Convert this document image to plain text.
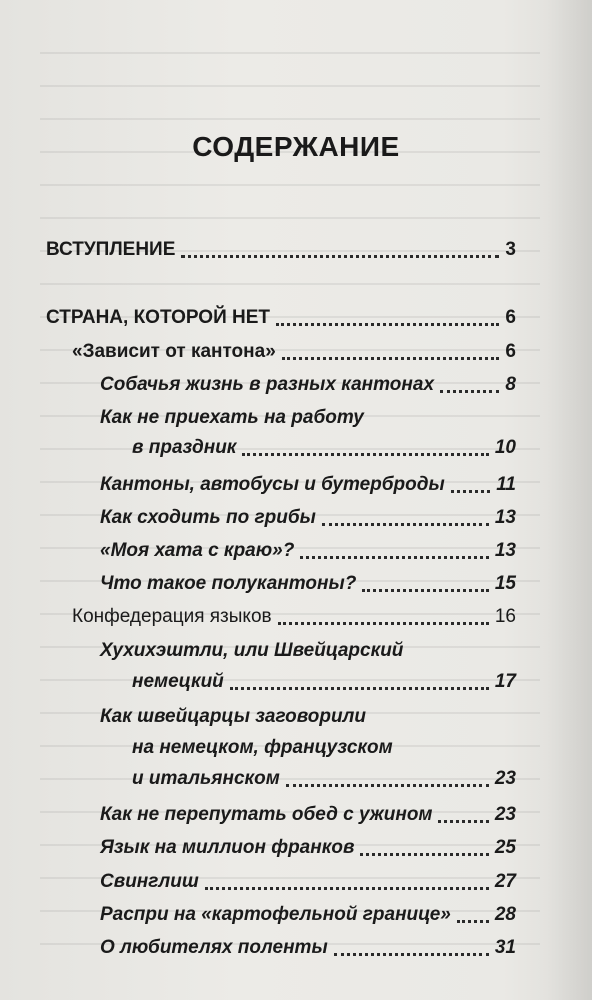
СОДЕРЖАНИЕ
ВСТУПЛЕНИЕ	3
СТРАНА, КОТОРОЙ НЕТ	6
«Зависит от кантона»	6
Собачья жизнь в разных кантонах	8
Как не приехать на работу
в праздник	10
Кантоны, автобусы и бутерброды	11
Как сходить по грибы	13
«Моя хата с краю»?	13
Что такое полукантоны?	15
Конфедерация языков	16
Хухихэштли, или Швейцарский
немецкий	17
Как швейцарцы заговорили
на немецком, французском
и итальянском	23
Как не перепутать обед с ужином	23
Язык на миллион франков	25
Свинглиш	27
Распри на «картофельной границе» 28
О любителях поленты	31
